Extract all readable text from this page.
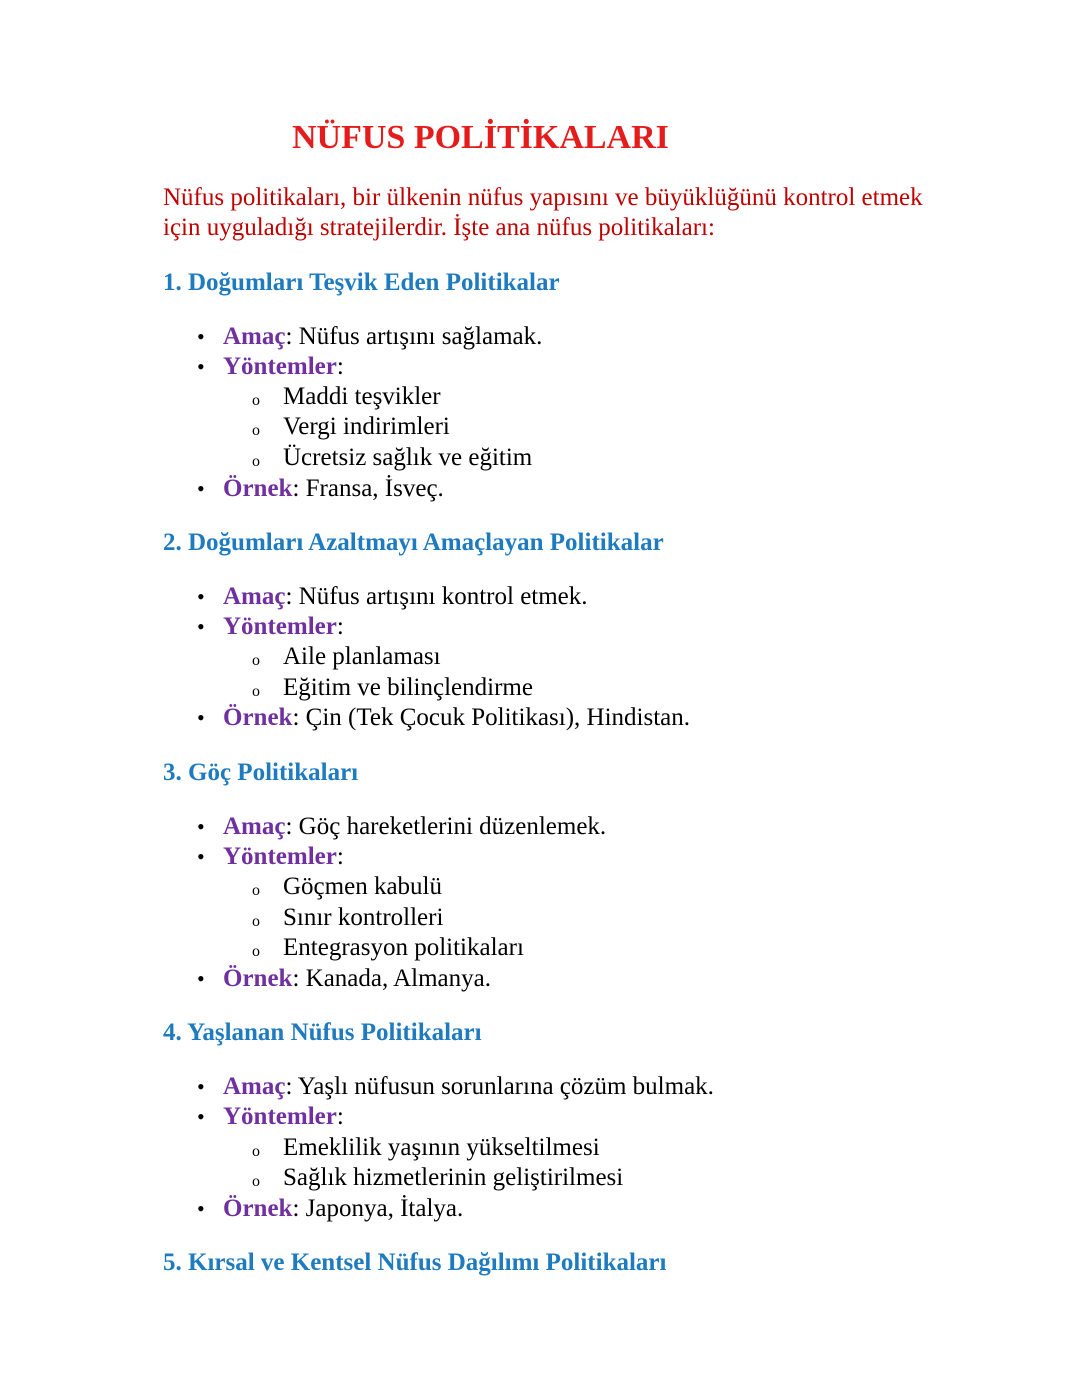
NÜFUS POLİTİKALARI
Nüfus politikaları, bir ülkenin nüfus yapısını ve büyüklüğünü kontrol etmek için uyguladığı stratejilerdir. İşte ana nüfus politikaları:
1. Doğumları Teşvik Eden Politikalar
• Amaç: Nüfus artışını sağlamak.
• Yöntemler:
o Maddi teşvikler
o Vergi indirimleri
o Ücretsiz sağlık ve eğitim
• Örnek: Fransa, İsveç.
2. Doğumları Azaltmayı Amaçlayan Politikalar
• Amaç: Nüfus artışını kontrol etmek.
• Yöntemler:
o Aile planlaması
o Eğitim ve bilinçlendirme
• Örnek: Çin (Tek Çocuk Politikası), Hindistan.
3. Göç Politikaları
• Amaç: Göç hareketlerini düzenlemek.
• Yöntemler:
o Göçmen kabulü
o Sınır kontrolleri
o Entegrasyon politikaları
• Örnek: Kanada, Almanya.
4. Yaşlanan Nüfus Politikaları
• Amaç: Yaşlı nüfusun sorunlarına çözüm bulmak.
• Yöntemler:
o Emeklilik yaşının yükseltilmesi
o Sağlık hizmetlerinin geliştirilmesi
• Örnek: Japonya, İtalya.
5. Kırsal ve Kentsel Nüfus Dağılımı Politikaları
